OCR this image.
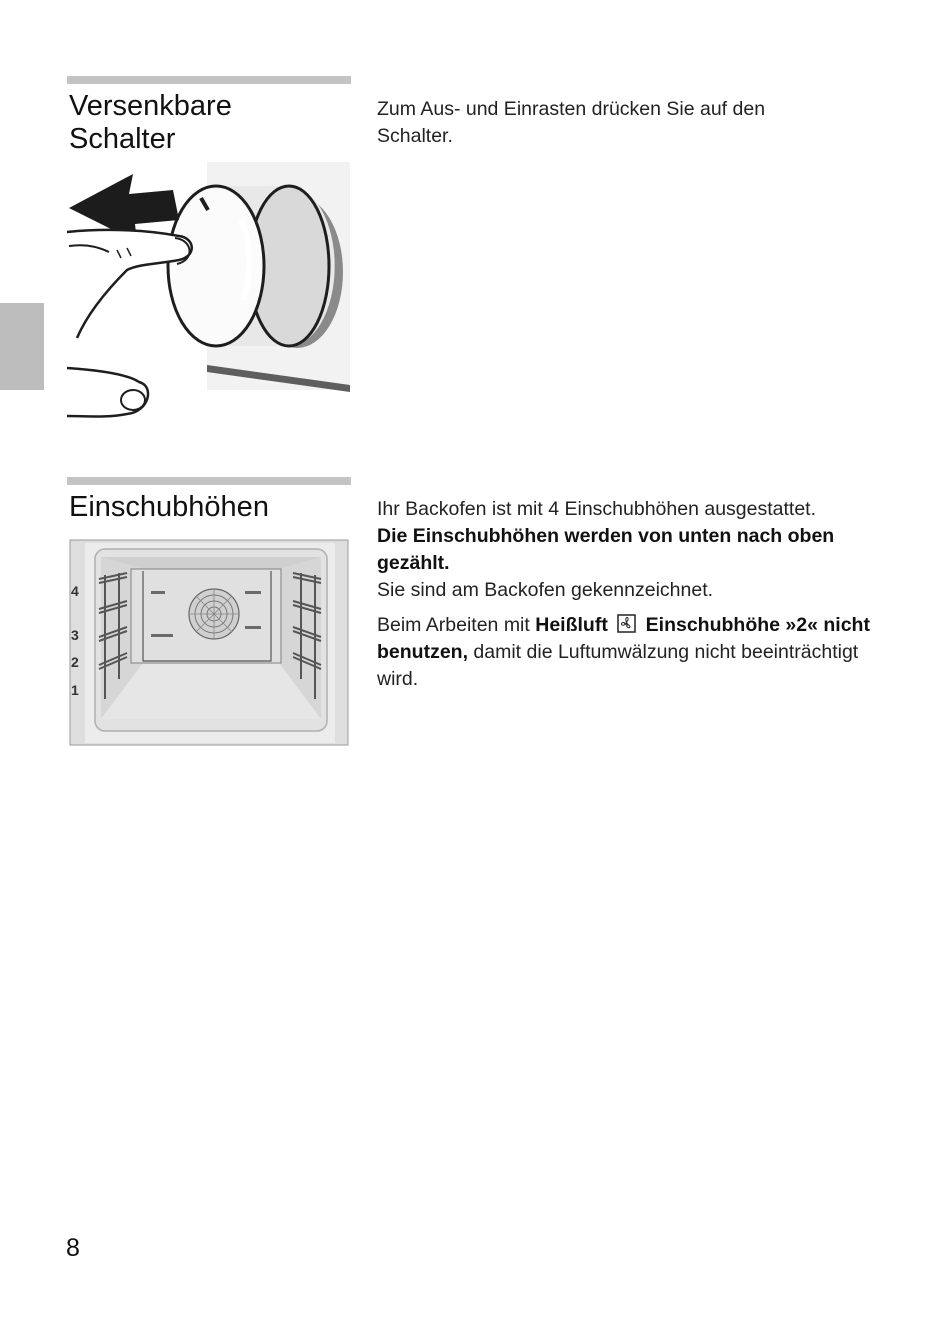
Versenkbare
Schalter

Zum Aus- und Einrasten drücken Sie auf den Schalter.

Einschubhöhen	Ihr Backofen ist mit 4 Einschubhöhen ausgestattet.
Die Einschubhöhen werden von unten nach oben gezählt.
Sie sind am Backofen gekennzeichnet.

Beim Arbeiten mit Heißluft Einschubhöhe »2« nicht benutzen, damit die Luftumwälzung nicht beeinträchtigt wird.

4
3
2
1
8
